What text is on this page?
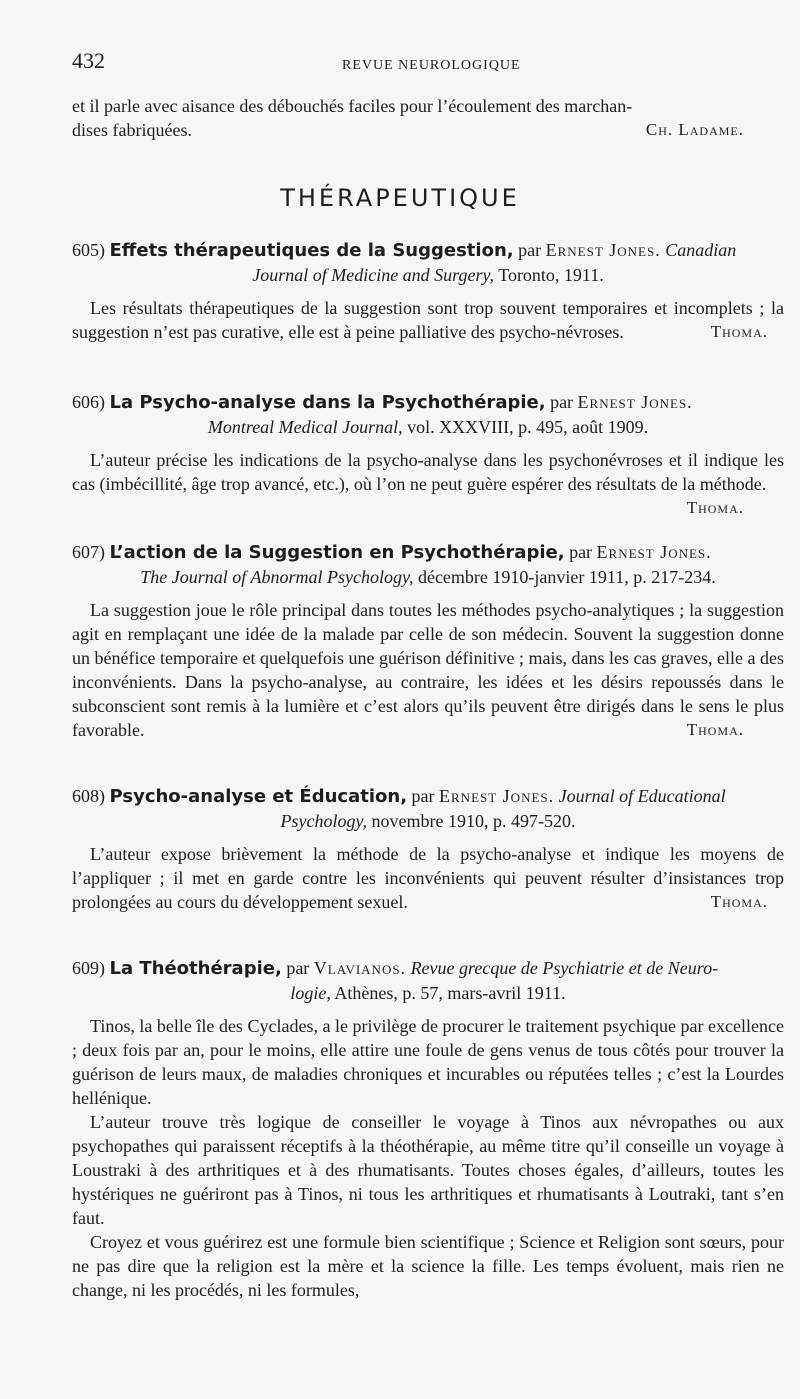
432	REVUE NEUROLOGIQUE
et il parle avec aisance des débouchés faciles pour l’écoulement des marchan-
dises fabriquées.	Ch. Ladame.
THÉRAPEUTIQUE
605) Effets thérapeutiques de la Suggestion, par Ernest Jones. Canadian
Journal of Medicine and Surgery, Toronto, 1911.
Les résultats thérapeutiques de la suggestion sont trop souvent temporaires et incomplets ; la suggestion n’est pas curative, elle est à peine palliative des psycho-névroses.	Thoma.
606) La Psycho-analyse dans la Psychothérapie, par Ernest Jones.
Montreal Medical Journal, vol. XXXVIII, p. 495, août 1909.
L’auteur précise les indications de la psycho-analyse dans les psychonévroses et il indique les cas (imbécillité, âge trop avancé, etc.), où l’on ne peut guère espérer des résultats de la méthode.
Thoma.
607) L’action de la Suggestion en Psychothérapie, par Ernest Jones.
The Journal of Abnormal Psychology, décembre 1910-janvier 1911, p. 217-234.
La suggestion joue le rôle principal dans toutes les méthodes psycho-analytiques ; la suggestion agit en remplaçant une idée de la malade par celle de son médecin. Souvent la suggestion donne un bénéfice temporaire et quelquefois une guérison définitive ; mais, dans les cas graves, elle a des inconvénients. Dans la psycho-analyse, au contraire, les idées et les désirs repoussés dans le subconscient sont remis à la lumière et c’est alors qu’ils peuvent être dirigés dans le sens le plus favorable.	Thoma.
608) Psycho-analyse et Éducation, par Ernest Jones. Journal of Educational
Psychology, novembre 1910, p. 497-520.
L’auteur expose brièvement la méthode de la psycho-analyse et indique les moyens de l’appliquer ; il met en garde contre les inconvénients qui peuvent résulter d’insistances trop prolongées au cours du développement sexuel.	Thoma.
609) La Théothérapie, par Vlavianos. Revue grecque de Psychiatrie et de Neuro-
logie, Athènes, p. 57, mars-avril 1911.
Tinos, la belle île des Cyclades, a le privilège de procurer le traitement psychique par excellence ; deux fois par an, pour le moins, elle attire une foule de gens venus de tous côtés pour trouver la guérison de leurs maux, de maladies chroniques et incurables ou réputées telles ; c’est la Lourdes hellénique.
L’auteur trouve très logique de conseiller le voyage à Tinos aux névropathes ou aux psychopathes qui paraissent réceptifs à la théothérapie, au même titre qu’il conseille un voyage à Loustraki à des arthritiques et à des rhumatisants. Toutes choses égales, d’ailleurs, toutes les hystériques ne guériront pas à Tinos, ni tous les arthritiques et rhumatisants à Loutraki, tant s’en faut.
Croyez et vous guérirez est une formule bien scientifique ; Science et Religion sont sœurs, pour ne pas dire que la religion est la mère et la science la fille. Les temps évoluent, mais rien ne change, ni les procédés, ni les formules,
